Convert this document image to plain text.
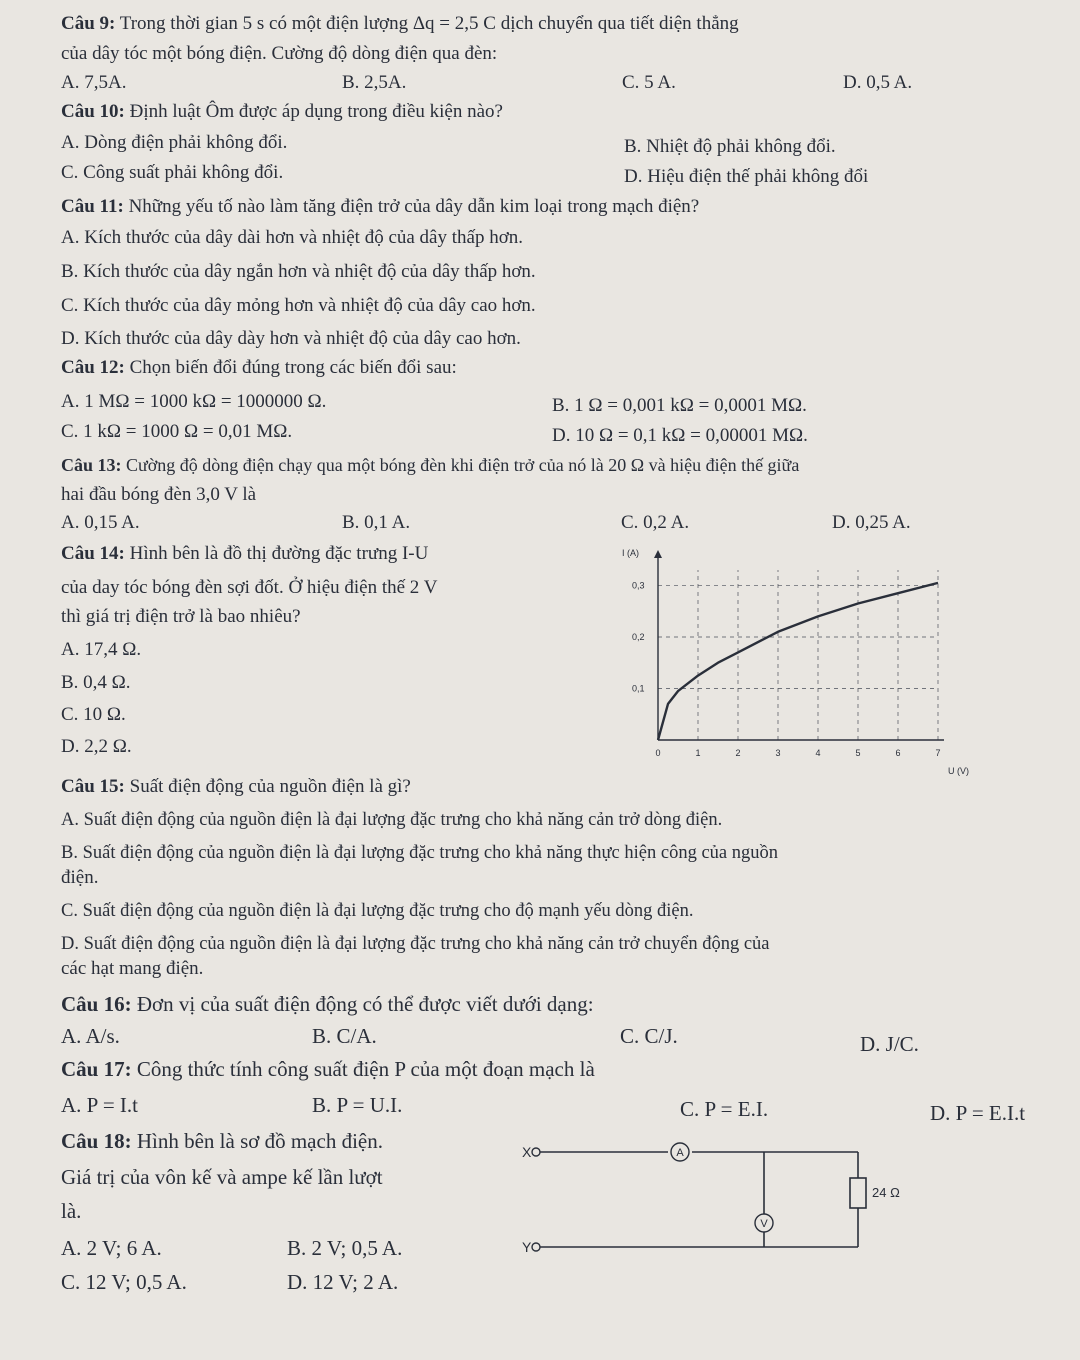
Câu 9: Trong thời gian 5 s có một điện lượng Δq = 2,5 C dịch chuyển qua tiết diện thẳng
của dây tóc một bóng điện. Cường độ dòng điện qua đèn:
A. 7,5A.	B. 2,5A.	C. 5 A.	D. 0,5 A.
Câu 10: Định luật Ôm được áp dụng trong điều kiện nào?
A. Dòng điện phải không đổi.	B. Nhiệt độ phải không đổi.
C. Công suất phải không đổi.	D. Hiệu điện thế phải không đổi
Câu 11: Những yếu tố nào làm tăng điện trở của dây dẫn kim loại trong mạch điện?
A. Kích thước của dây dài hơn và nhiệt độ của dây thấp hơn.
B. Kích thước của dây ngắn hơn và nhiệt độ của dây thấp hơn.
C. Kích thước của dây mỏng hơn và nhiệt độ của dây cao hơn.
D. Kích thước của dây dày hơn và nhiệt độ của dây cao hơn.
Câu 12: Chọn biến đổi đúng trong các biến đổi sau:
A. 1 MΩ = 1000 kΩ = 1000000 Ω.	B. 1 Ω = 0,001 kΩ = 0,0001 MΩ.
C. 1 kΩ = 1000 Ω = 0,01 MΩ.	D. 10 Ω = 0,1 kΩ = 0,00001 MΩ.
Câu 13: Cường độ dòng điện chạy qua một bóng đèn khi điện trở của nó là 20 Ω và hiệu điện thế giữa
hai đầu bóng đèn 3,0 V là
A. 0,15 A.	B. 0,1 A.	C. 0,2 A.	D. 0,25 A.
Câu 14: Hình bên là đồ thị đường đặc trưng I-U
của day tóc bóng đèn sợi đốt. Ở hiệu điện thế 2 V
thì giá trị điện trở là bao nhiêu?
A. 17,4 Ω.
B. 0,4 Ω.
C. 10 Ω.
D. 2,2 Ω.	0	1	2	3	4	5	6	7
0,1
0,2
0,3
I (A)
U (V)
Câu 15: Suất điện động của nguồn điện là gì?
A. Suất điện động của nguồn điện là đại lượng đặc trưng cho khả năng cản trở dòng điện.
B. Suất điện động của nguồn điện là đại lượng đặc trưng cho khả năng thực hiện công của nguồn
điện.
C. Suất điện động của nguồn điện là đại lượng đặc trưng cho độ mạnh yếu dòng điện.
D. Suất điện động của nguồn điện là đại lượng đặc trưng cho khả năng cản trở chuyển động của
các hạt mang điện.
Câu 16: Đơn vị của suất điện động có thể được viết dưới dạng:
A. A/s.	B. C/A.	C. C/J.	D. J/C.
Câu 17: Công thức tính công suất điện P của một đoạn mạch là
A. P = I.t	B. P = U.I.	C. P = E.I.	D. P = E.I.t
Câu 18: Hình bên là sơ đồ mạch điện.
Giá trị của vôn kế và ampe kế lần lượt
là.
A. 2 V; 6 A.	B. 2 V; 0,5 A.
C. 12 V; 0,5 A.	D. 12 V; 2 A.
X
Y
A
V
24 Ω
